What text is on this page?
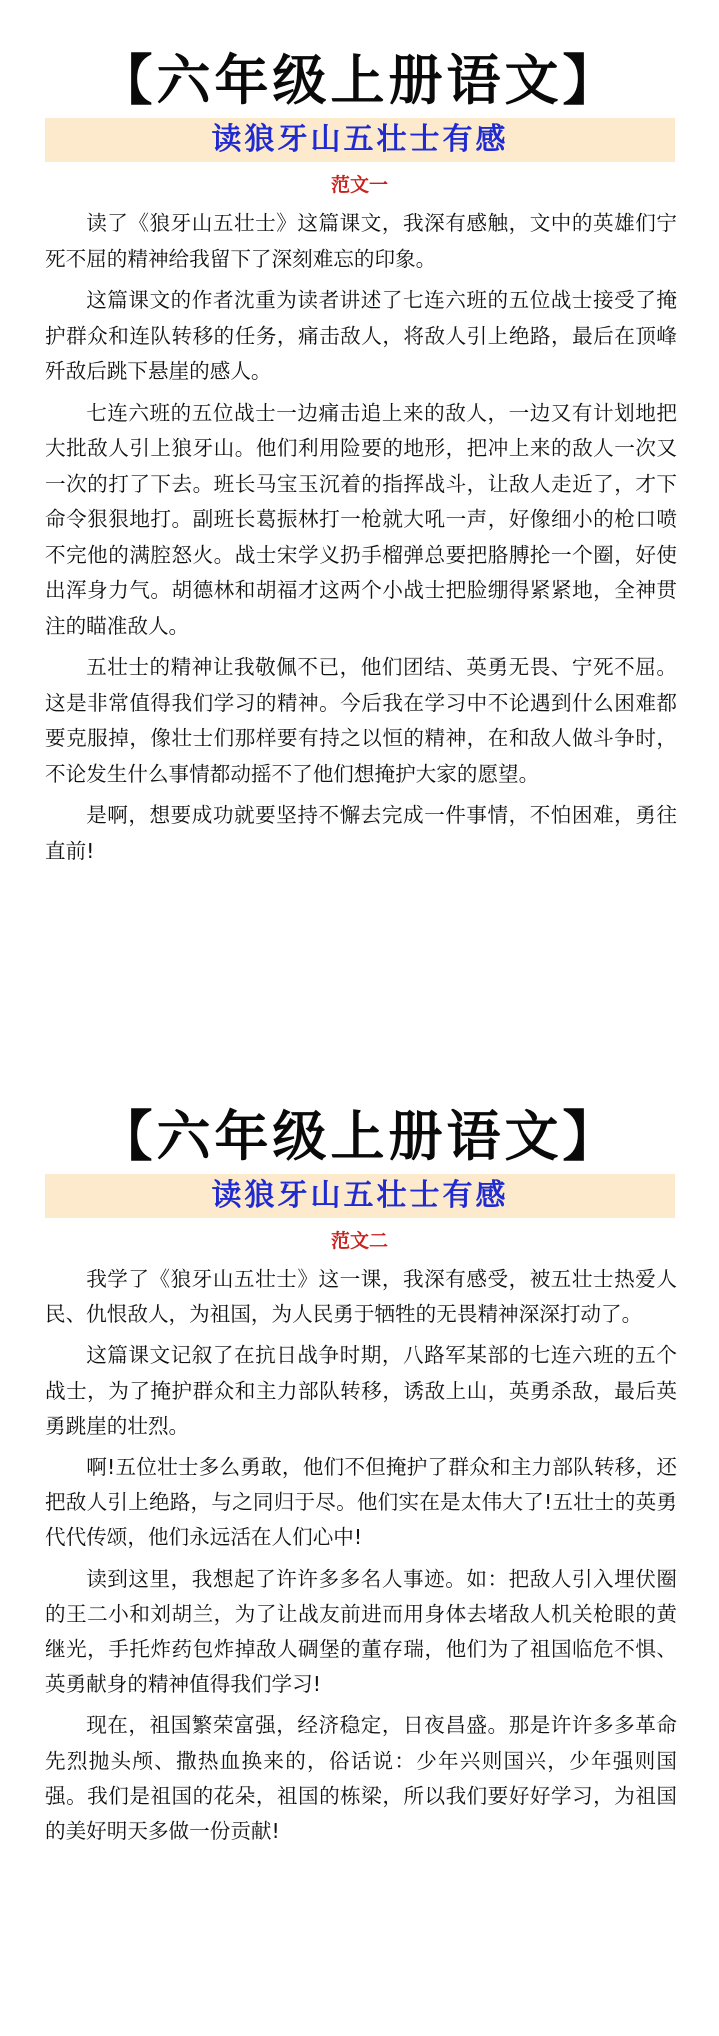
【六年级上册语文】
读狼牙山五壮士有感
范文一

读了《狼牙山五壮士》这篇课文，我深有感触，文中的英雄们宁死不屈的精神给我留下了深刻难忘的印象。

这篇课文的作者沈重为读者讲述了七连六班的五位战士接受了掩护群众和连队转移的任务，痛击敌人，将敌人引上绝路，最后在顶峰歼敌后跳下悬崖的感人。

七连六班的五位战士一边痛击追上来的敌人，一边又有计划地把大批敌人引上狼牙山。他们利用险要的地形，把冲上来的敌人一次又一次的打了下去。班长马宝玉沉着的指挥战斗，让敌人走近了，才下命令狠狠地打。副班长葛振林打一枪就大吼一声，好像细小的枪口喷不完他的满腔怒火。战士宋学义扔手榴弹总要把胳膊抡一个圈，好使出浑身力气。胡德林和胡福才这两个小战士把脸绷得紧紧地，全神贯注的瞄准敌人。

五壮士的精神让我敬佩不已，他们团结、英勇无畏、宁死不屈。这是非常值得我们学习的精神。今后我在学习中不论遇到什么困难都要克服掉，像壮士们那样要有持之以恒的精神，在和敌人做斗争时，不论发生什么事情都动摇不了他们想掩护大家的愿望。

是啊，想要成功就要坚持不懈去完成一件事情，不怕困难，勇往直前!

【六年级上册语文】
读狼牙山五壮士有感
范文二

我学了《狼牙山五壮士》这一课，我深有感受，被五壮士热爱人民、仇恨敌人，为祖国，为人民勇于牺牲的无畏精神深深打动了。

这篇课文记叙了在抗日战争时期，八路军某部的七连六班的五个战士，为了掩护群众和主力部队转移，诱敌上山，英勇杀敌，最后英勇跳崖的壮烈。

啊!五位壮士多么勇敢，他们不但掩护了群众和主力部队转移，还把敌人引上绝路，与之同归于尽。他们实在是太伟大了!五壮士的英勇代代传颂，他们永远活在人们心中!

读到这里，我想起了许许多多名人事迹。如：把敌人引入埋伏圈的王二小和刘胡兰，为了让战友前进而用身体去堵敌人机关枪眼的黄继光，手托炸药包炸掉敌人碉堡的董存瑞，他们为了祖国临危不惧、英勇献身的精神值得我们学习!

现在，祖国繁荣富强，经济稳定，日夜昌盛。那是许许多多革命先烈抛头颅、撒热血换来的，俗话说：少年兴则国兴，少年强则国强。我们是祖国的花朵，祖国的栋梁，所以我们要好好学习，为祖国的美好明天多做一份贡献!
